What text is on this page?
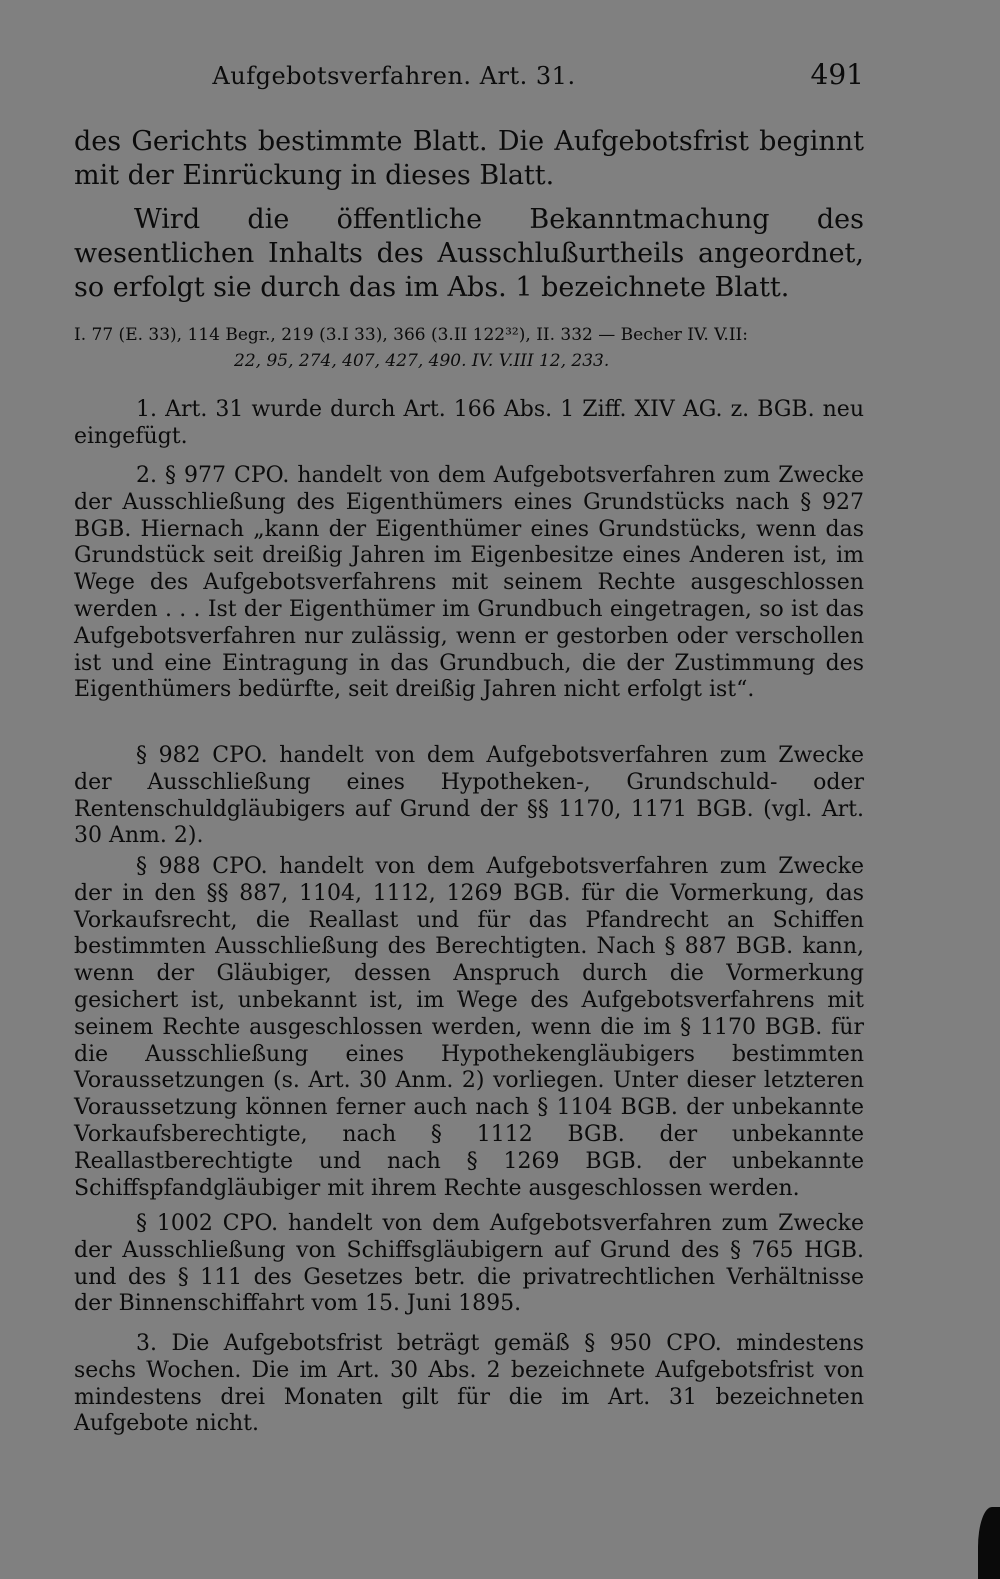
Aufgebotsverfahren. Art. 31.	491

des Gerichts bestimmte Blatt. Die Aufgebotsfrist beginnt mit der Einrückung in dieses Blatt.

Wird die öffentliche Bekanntmachung des wesentlichen Inhalts des Ausschlußurtheils angeordnet, so erfolgt sie durch das im Abs. 1 bezeichnete Blatt.

I. 77 (E. 33), 114 Begr., 219 (3.I 33), 366 (3.II 122³²), II. 332 — Becher IV. V.II:
22, 95, 274, 407, 427, 490. IV. V.III 12, 233.

1. Art. 31 wurde durch Art. 166 Abs. 1 Ziff. XIV AG. z. BGB. neu eingefügt.

2. § 977 CPO. handelt von dem Aufgebotsverfahren zum Zwecke der Ausschließung des Eigenthümers eines Grundstücks nach § 927 BGB. Hiernach „kann der Eigenthümer eines Grundstücks, wenn das Grundstück seit dreißig Jahren im Eigenbesitze eines Anderen ist, im Wege des Aufgebotsverfahrens mit seinem Rechte ausgeschlossen werden . . . Ist der Eigenthümer im Grundbuch eingetragen, so ist das Aufgebotsverfahren nur zulässig, wenn er gestorben oder verschollen ist und eine Eintragung in das Grundbuch, die der Zustimmung des Eigenthümers bedürfte, seit dreißig Jahren nicht erfolgt ist“.

§ 982 CPO. handelt von dem Aufgebotsverfahren zum Zwecke der Ausschließung eines Hypotheken-, Grundschuld- oder Rentenschuldgläubigers auf Grund der §§ 1170, 1171 BGB. (vgl. Art. 30 Anm. 2).

§ 988 CPO. handelt von dem Aufgebotsverfahren zum Zwecke der in den §§ 887, 1104, 1112, 1269 BGB. für die Vormerkung, das Vorkaufsrecht, die Reallast und für das Pfandrecht an Schiffen bestimmten Ausschließung des Berechtigten. Nach § 887 BGB. kann, wenn der Gläubiger, dessen Anspruch durch die Vormerkung gesichert ist, unbekannt ist, im Wege des Aufgebotsverfahrens mit seinem Rechte ausgeschlossen werden, wenn die im § 1170 BGB. für die Ausschließung eines Hypothekengläubigers bestimmten Voraussetzungen (s. Art. 30 Anm. 2) vorliegen. Unter dieser letzteren Voraussetzung können ferner auch nach § 1104 BGB. der unbekannte Vorkaufsberechtigte, nach § 1112 BGB. der unbekannte Reallastberechtigte und nach § 1269 BGB. der unbekannte Schiffspfandgläubiger mit ihrem Rechte ausgeschlossen werden.

§ 1002 CPO. handelt von dem Aufgebotsverfahren zum Zwecke der Ausschließung von Schiffsgläubigern auf Grund des § 765 HGB. und des § 111 des Gesetzes betr. die privatrechtlichen Verhältnisse der Binnenschiffahrt vom 15. Juni 1895.

3. Die Aufgebotsfrist beträgt gemäß § 950 CPO. mindestens sechs Wochen. Die im Art. 30 Abs. 2 bezeichnete Aufgebotsfrist von mindestens drei Monaten gilt für die im Art. 31 bezeichneten Aufgebote nicht.
